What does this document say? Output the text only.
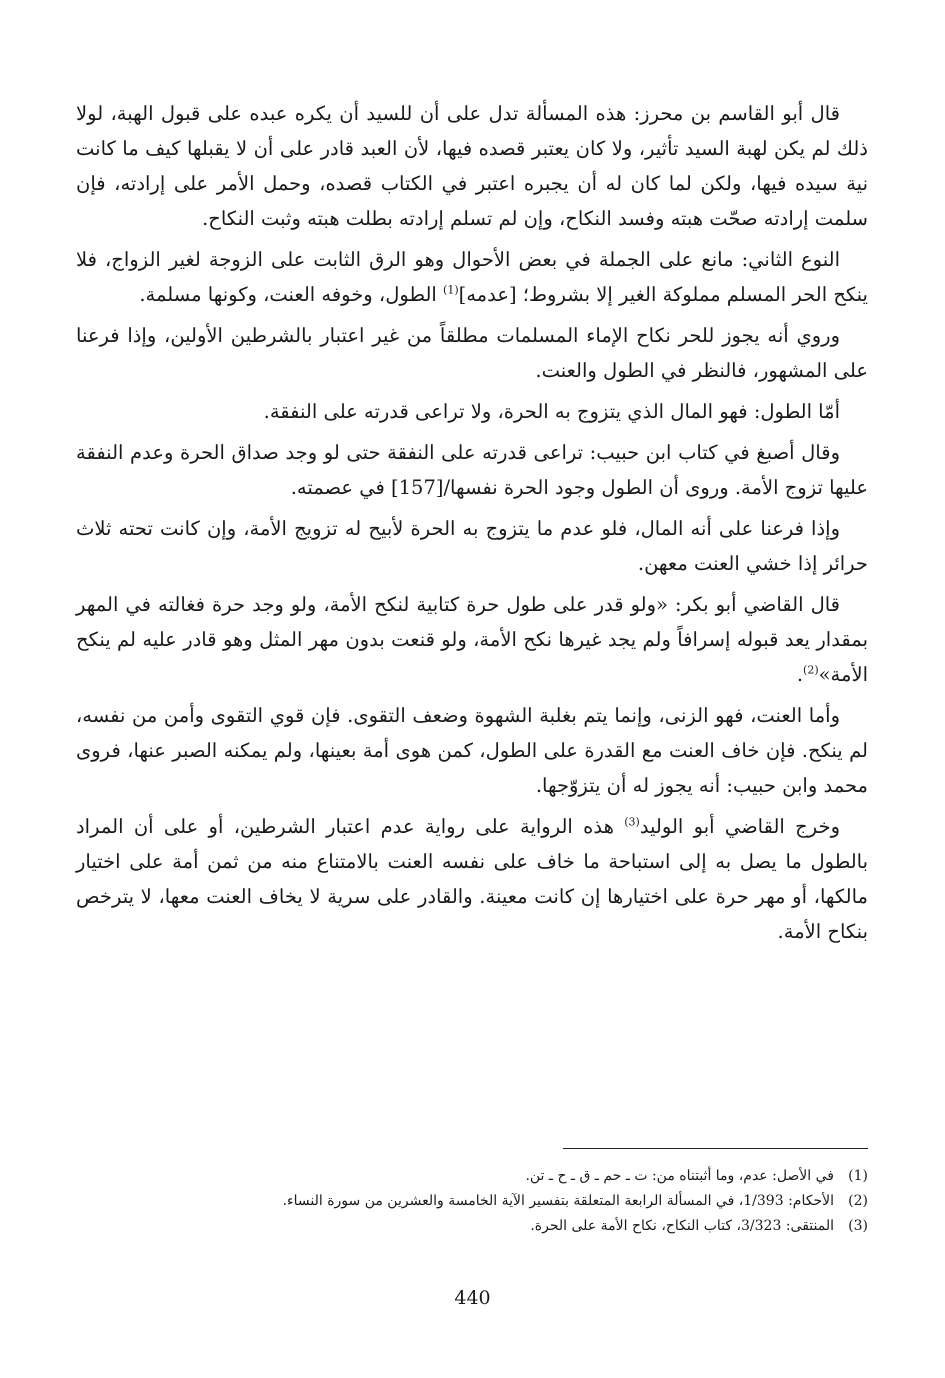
قال أبو القاسم بن محرز: هذه المسألة تدل على أن للسيد أن يكره عبده على قبول الهبة، لولا ذلك لم يكن لهبة السيد تأثير، ولا كان يعتبر قصده فيها، لأن العبد قادر على أن لا يقبلها كيف ما كانت نية سيده فيها، ولكن لما كان له أن يجبره اعتبر في الكتاب قصده، وحمل الأمر على إرادته، فإن سلمت إرادته صحّت هبته وفسد النكاح، وإن لم تسلم إرادته بطلت هبته وثبت النكاح.

النوع الثاني: مانع على الجملة في بعض الأحوال وهو الرق الثابت على الزوجة لغير الزواج، فلا ينكح الحر المسلم مملوكة الغير إلا بشروط؛ [عدمه]$^{(1)}$ الطول، وخوفه العنت، وكونها مسلمة.

وروي أنه يجوز للحر نكاح الإماء المسلمات مطلقاً من غير اعتبار بالشرطين الأولين، وإذا فرعنا على المشهور، فالنظر في الطول والعنت.

أمّا الطول: فهو المال الذي يتزوج به الحرة، ولا تراعى قدرته على النفقة.

وقال أصبغ في كتاب ابن حبيب: تراعى قدرته على النفقة حتى لو وجد صداق الحرة وعدم النفقة عليها تزوج الأمة. وروى أن الطول وجود الحرة نفسها/[157] في عصمته.

وإذا فرعنا على أنه المال، فلو عدم ما يتزوج به الحرة لأبيح له تزويج الأمة، وإن كانت تحته ثلاث حرائر إذا خشي العنت معهن.

قال القاضي أبو بكر: «ولو قدر على طول حرة كتابية لنكح الأمة، ولو وجد حرة فغالته في المهر بمقدار يعد قبوله إسرافاً ولم يجد غيرها نكح الأمة، ولو قنعت بدون مهر المثل وهو قادر عليه لم ينكح الأمة»$^{(2)}$.

وأما العنت، فهو الزنى، وإنما يتم بغلبة الشهوة وضعف التقوى. فإن قوي التقوى وأمن من نفسه، لم ينكح. فإن خاف العنت مع القدرة على الطول، كمن هوى أمة بعينها، ولم يمكنه الصبر عنها، فروى محمد وابن حبيب: أنه يجوز له أن يتزوّجها.

وخرج القاضي أبو الوليد$^{(3)}$ هذه الرواية على رواية عدم اعتبار الشرطين، أو على أن المراد بالطول ما يصل به إلى استباحة ما خاف على نفسه العنت بالامتناع منه من ثمن أمة على اختيار مالكها، أو مهر حرة على اختيارها إن كانت معينة. والقادر على سرية لا يخاف العنت معها، لا يترخص بنكاح الأمة.

(1)في الأصل: عدم، وما أثبتناه من: ت ـ حم ـ ق ـ ح ـ تن.
(2)الأحكام: 1/393، في المسألة الرابعة المتعلقة بتفسير الآية الخامسة والعشرين من سورة النساء.
(3)المنتقى: 3/323، كتاب النكاح، نكاح الأمة على الحرة.
440
